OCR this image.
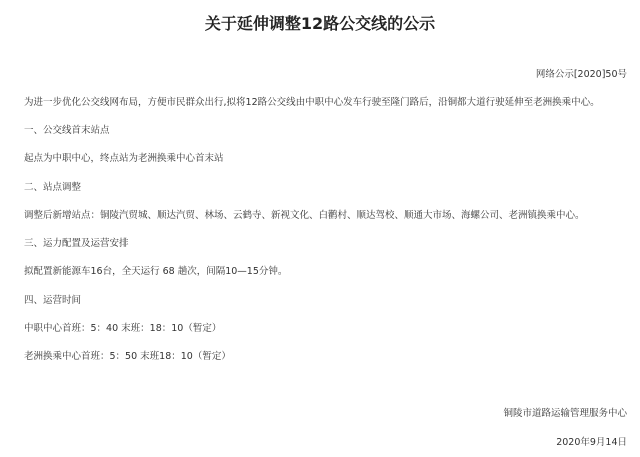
关于延伸调整12路公交线的公示
网络公示[2020]50号

为进一步优化公交线网布局，方便市民群众出行,拟将12路公交线由中职中心发车行驶至隆门路后，沿铜都大道行驶延伸至老洲换乘中心。

一、公交线首末站点

起点为中职中心，终点站为老洲换乘中心首末站

二、站点调整

调整后新增站点：铜陵汽贸城、顺达汽贸、林场、云鹤寺、新视文化、白鹳村、顺达驾校、顺通大市场、海螺公司、老洲镇换乘中心。

三、运力配置及运营安排

拟配置新能源车16台，全天运行 68 趟次，间隔10—15分钟。

四、运营时间

中职中心首班：5：40 末班：18：10（暂定）

老洲换乘中心首班：5：50 末班18：10（暂定）

铜陵市道路运输管理服务中心
2020年9月14日
